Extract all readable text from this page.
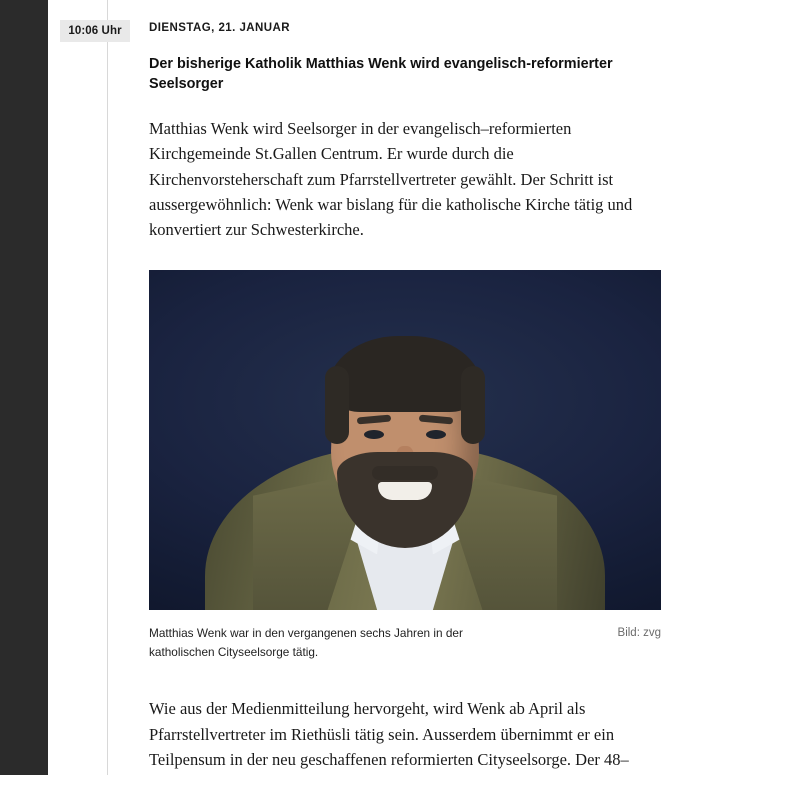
10:06 Uhr	DIENSTAG, 21. JANUAR
Der bisherige Katholik Matthias Wenk wird evangelisch-reformierter Seelsorger

Matthias Wenk wird Seelsorger in der evangelisch–reformierten Kirchgemeinde St.Gallen Centrum. Er wurde durch die Kirchenvorsteherschaft zum Pfarrstellvertreter gewählt. Der Schritt ist aussergewöhnlich: Wenk war bislang für die katholische Kirche tätig und konvertiert zur Schwesterkirche.

Matthias Wenk war in den vergangenen sechs Jahren in der katholischen Cityseelsorge tätig.
Bild: zvg

Wie aus der Medienmitteilung hervorgeht, wird Wenk ab April als Pfarrstellvertreter im Riethüsli tätig sein. Ausserdem übernimmt er ein Teilpensum in der neu geschaffenen reformierten Cityseelsorge. Der 48–
